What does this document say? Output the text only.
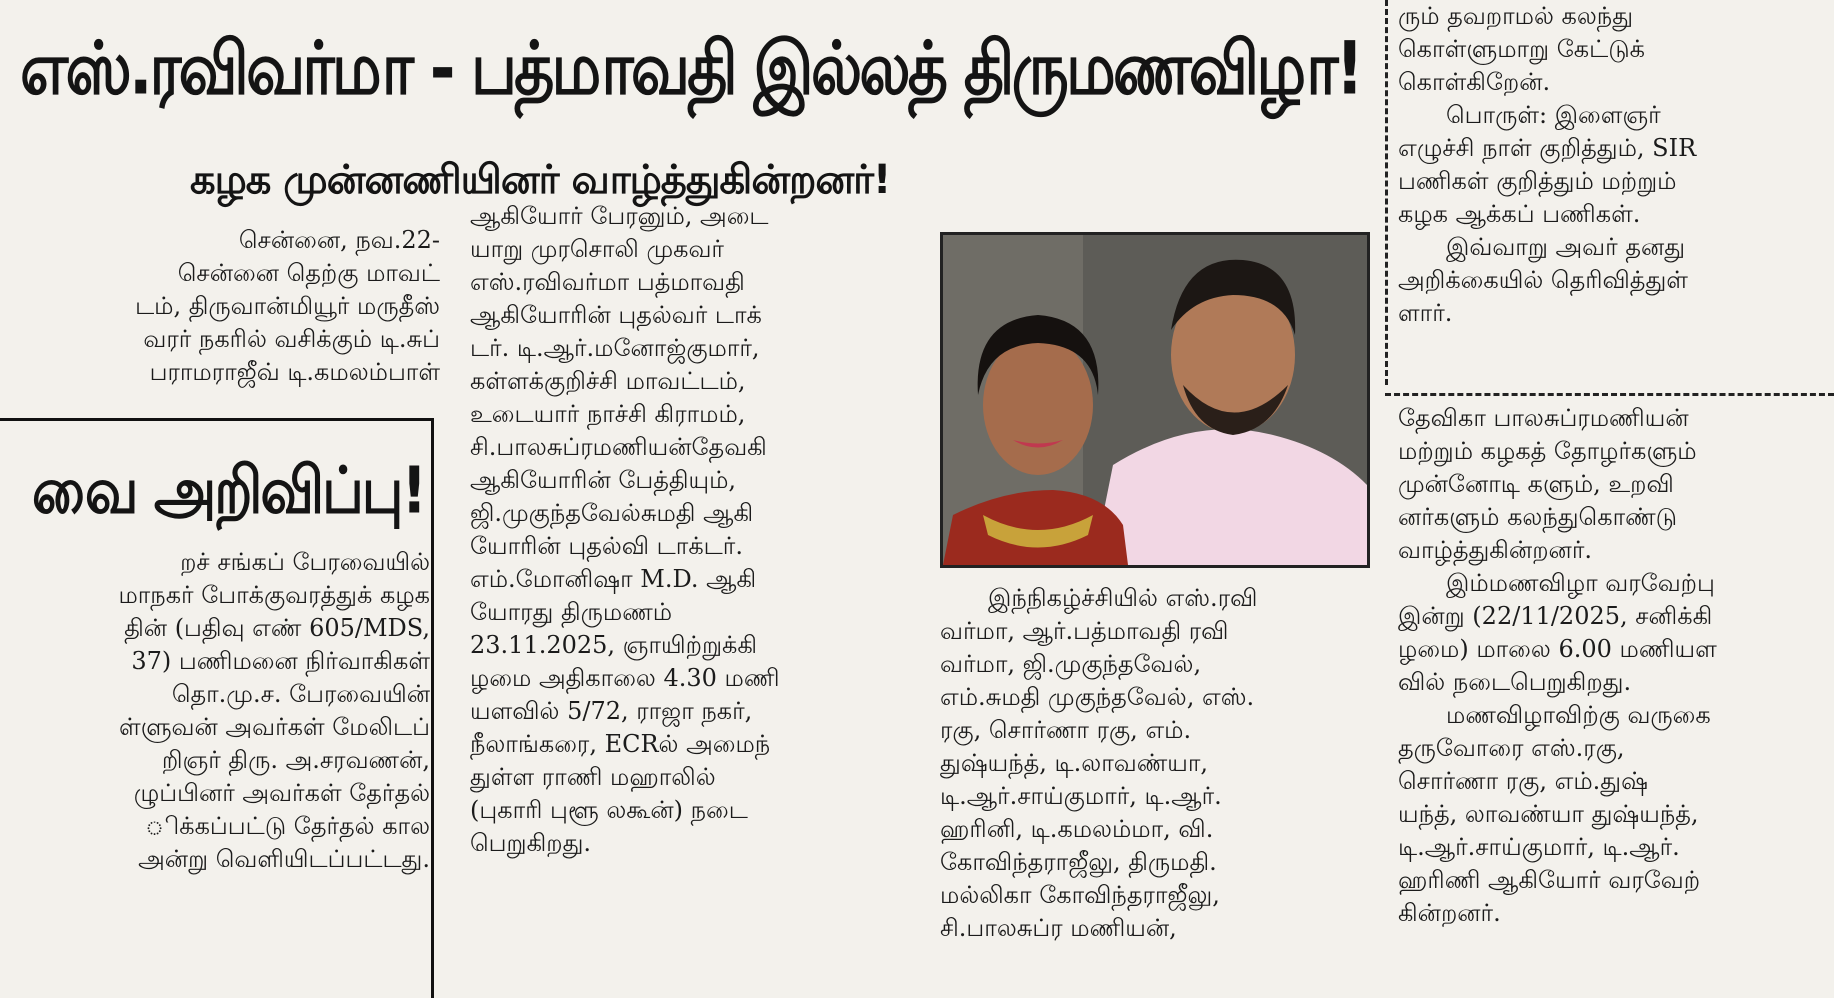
எஸ்.ரவிவர்மா - பத்மாவதி இல்லத் திருமணவிழா!
கழக முன்னணியினர் வாழ்த்துகின்றனர்!
சென்னை, நவ.22-
சென்னை தெற்கு மாவட்
டம், திருவான்மியூர் மருதீஸ்
வரர் நகரில் வசிக்கும் டி.சுப்
பராமராஜீவ் டி.கமலம்பாள்
வை அறிவிப்பு!
றச் சங்கப் பேரவையில்
மாநகர் போக்குவரத்துக் கழக
தின் (பதிவு எண் 605/MDS,
37) பணிமனை நிர்வாகிகள்
தொ.மு.ச. பேரவையின்
ள்ளுவன் அவர்கள் மேலிடப்
றிஞர் திரு. அ.சரவணன்,
ழுப்பினர் அவர்கள் தேர்தல்
ிக்கப்பட்டு தேர்தல் கால
அன்று வெளியிடப்பட்டது.
ஆகியோர் பேரனும், அடை
யாறு முரசொலி முகவர்
எஸ்.ரவிவர்மா பத்மாவதி
ஆகியோரின் புதல்வர் டாக்
டர். டி.ஆர்.மனோஜ்குமார்,
கள்ளக்குறிச்சி மாவட்டம்,
உடையார் நாச்சி கிராமம்,
சி.பாலசுப்ரமணியன்தேவகி
ஆகியோரின் பேத்தியும்,
ஜி.முகுந்தவேல்சுமதி ஆகி
யோரின் புதல்வி டாக்டர்.
எம்.மோனிஷா M.D. ஆகி
யோரது திருமணம்
23.11.2025, ஞாயிற்றுக்கி
ழமை அதிகாலை 4.30 மணி
யளவில் 5/72, ராஜா நகர்,
நீலாங்கரை, ECRல் அமைந்
துள்ள ராணி மஹாலில்
(புகாரி புளூ லகூன்) நடை
பெறுகிறது.
இந்நிகழ்ச்சியில் எஸ்.ரவி
வர்மா, ஆர்.பத்மாவதி ரவி
வர்மா, ஜி.முகுந்தவேல்,
எம்.சுமதி முகுந்தவேல், எஸ்.
ரகு, சொர்ணா ரகு, எம்.
துஷ்யந்த், டி.லாவண்யா,
டி.ஆர்.சாய்குமார், டி.ஆர்.
ஹரினி, டி.கமலம்மா, வி.
கோவிந்தராஜீலு, திருமதி.
மல்லிகா கோவிந்தராஜீலு,
சி.பாலசுப்ர மணியன்,
ரும் தவறாமல் கலந்து
கொள்ளுமாறு கேட்டுக்
கொள்கிறேன்.
பொருள்: இளைஞர்
எழுச்சி நாள் குறித்தும், SIR
பணிகள் குறித்தும் மற்றும்
கழக ஆக்கப் பணிகள்.
இவ்வாறு அவர் தனது
அறிக்கையில் தெரிவித்துள்
ளார்.
தேவிகா பாலசுப்ரமணியன்
மற்றும் கழகத் தோழர்களும்
முன்னோடி களும், உறவி
னர்களும் கலந்துகொண்டு
வாழ்த்துகின்றனர்.
இம்மணவிழா வரவேற்பு
இன்று (22/11/2025, சனிக்கி
ழமை) மாலை 6.00 மணியள
வில் நடைபெறுகிறது.
மணவிழாவிற்கு வருகை
தருவோரை எஸ்.ரகு,
சொர்ணா ரகு, எம்.துஷ்
யந்த், லாவண்யா துஷ்யந்த்,
டி.ஆர்.சாய்குமார், டி.ஆர்.
ஹரிணி ஆகியோர் வரவேற்
கின்றனர்.
